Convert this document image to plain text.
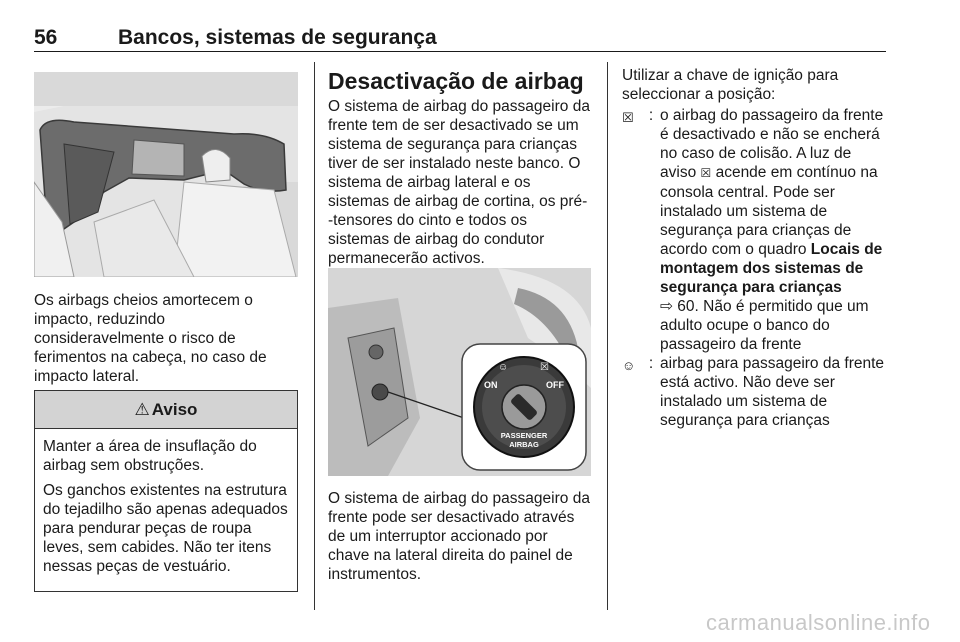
56	Bancos, sistemas de segurança
Os airbags cheios amortecem o impacto, reduzindo consideravelmente o risco de ferimentos na cabeça, no caso de impacto lateral.
⚠ Aviso

Manter a área de insuflação do airbag sem obstruções.

Os ganchos existentes na estrutura do tejadilho são apenas adequados para pendurar peças de roupa leves, sem cabides. Não ter itens nessas peças de vestuário.

Desactivação de airbag
O sistema de airbag do passageiro da frente tem de ser desactivado se um sistema de segurança para crianças tiver de ser instalado neste banco. O sistema de airbag lateral e os sistemas de airbag de cortina, os pré--tensores do cinto e todos os sistemas de airbag do condutor permanecerão activos.
ON	OFF
☺	☒
PASSENGER
AIRBAG
O sistema de airbag do passageiro da frente pode ser desactivado através de um interruptor accionado por chave na lateral direita do painel de instrumentos.
Utilizar a chave de ignição para seleccionar a posição:
☒ : o airbag do passageiro da frente é desactivado e não se encherá no caso de colisão. A luz de aviso ☒ acende em contínuo na consola central. Pode ser instalado um sistema de segurança para crianças de acordo com o quadro Locais de montagem dos sistemas de segurança para crianças
⇨ 60. Não é permitido que um adulto ocupe o banco do passageiro da frente
☺ : airbag para passageiro da frente está activo. Não deve ser instalado um sistema de segurança para crianças
carmanualsonline.info
